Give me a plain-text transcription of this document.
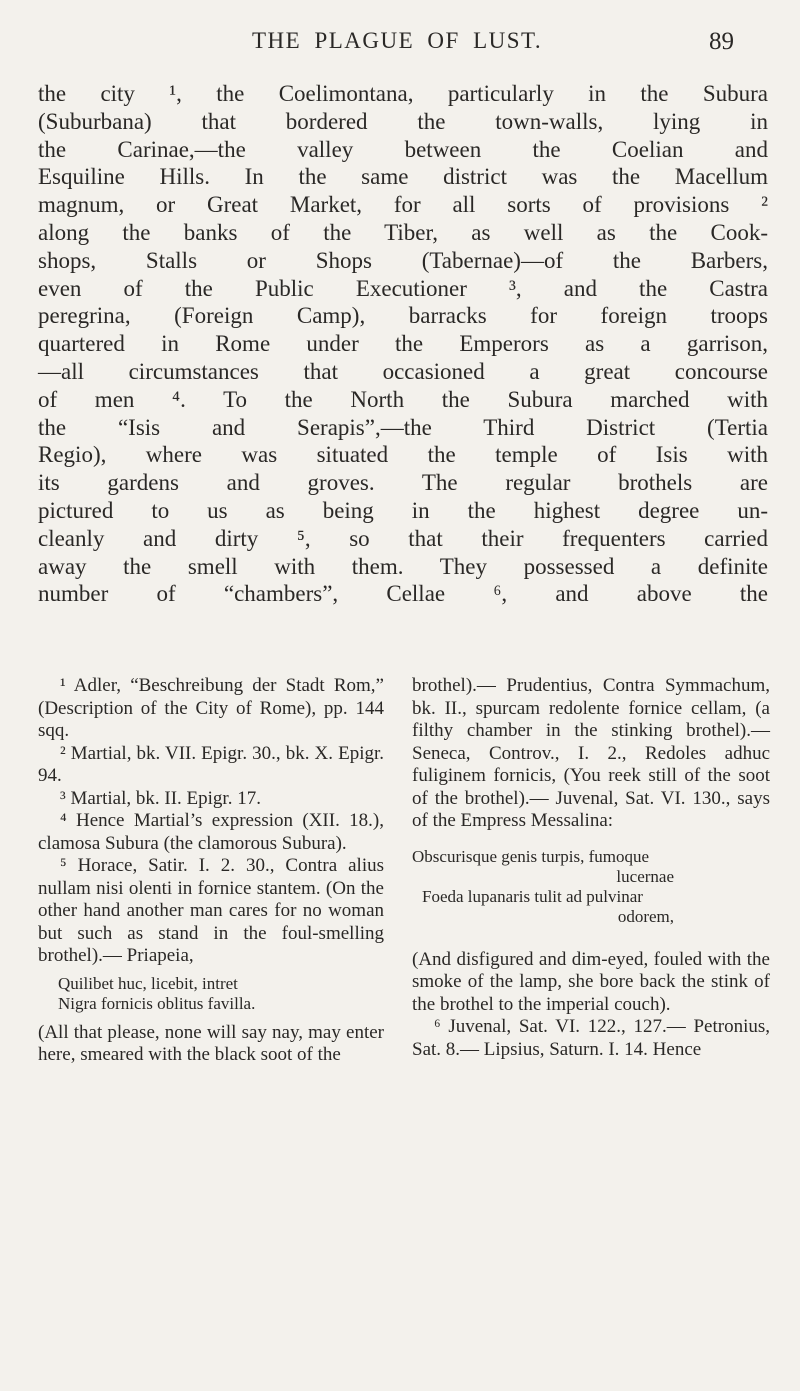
THE PLAGUE OF LUST.	89
the city ¹, the Coelimontana, particularly in the Subura
(Suburbana) that bordered the town-walls, lying in
the Carinae,—the valley between the Coelian and
Esquiline Hills. In the same district was the Macellum
magnum, or Great Market, for all sorts of provisions ²
along the banks of the Tiber, as well as the Cook-
shops, Stalls or Shops (Tabernae)—of the Barbers,
even of the Public Executioner ³, and the Castra
peregrina, (Foreign Camp), barracks for foreign troops
quartered in Rome under the Emperors as a garrison,
—all circumstances that occasioned a great concourse
of men ⁴. To the North the Subura marched with
the “Isis and Serapis”,—the Third District (Tertia
Regio), where was situated the temple of Isis with
its gardens and groves. The regular brothels are
pictured to us as being in the highest degree un-
cleanly and dirty ⁵, so that their frequenters carried
away the smell with them. They possessed a definite
number of “chambers”, Cellae ⁶, and above the
¹ Adler, “Beschreibung der Stadt Rom,” (Description of the City of Rome), pp. 144 sqq.
² Martial, bk. VII. Epigr. 30., bk. X. Epigr. 94.
³ Martial, bk. II. Epigr. 17.
⁴ Hence Martial’s expression (XII. 18.), clamosa Subura (the clamorous Subura).
⁵ Horace, Satir. I. 2. 30., Contra alius nullam nisi olenti in fornice stantem. (On the other hand another man cares for no woman but such as stand in the foul-smelling brothel).— Priapeia,
Quilibet huc, licebit, intret
Nigra fornicis oblitus favilla.
(All that please, none will say nay, may enter here, smeared with the black soot of the
brothel).— Prudentius, Contra Symmachum, bk. II., spurcam redolente fornice cellam, (a filthy chamber in the stinking brothel).— Seneca, Controv., I. 2., Redoles adhuc fuliginem fornicis, (You reek still of the soot of the brothel).— Juvenal, Sat. VI. 130., says of the Empress Messalina:
Obscurisque genis turpis, fumoque
lucernae
Foeda lupanaris tulit ad pulvinar
odorem,
(And disfigured and dim-eyed, fouled with the smoke of the lamp, she bore back the stink of the brothel to the imperial couch).
⁶ Juvenal, Sat. VI. 122., 127.— Petronius, Sat. 8.— Lipsius, Saturn. I. 14. Hence
